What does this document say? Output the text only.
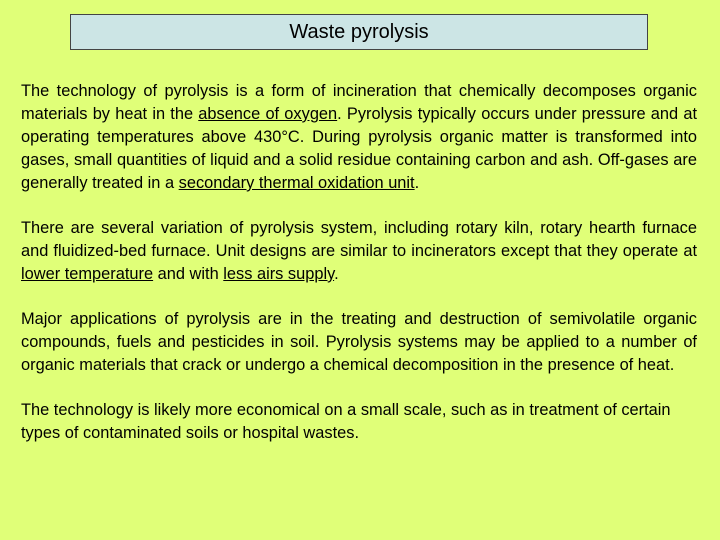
Waste pyrolysis

The technology of pyrolysis is a form of incineration that chemically decomposes organic materials by heat in the absence of oxygen. Pyrolysis typically occurs under pressure and at operating temperatures above 430°C. During pyrolysis organic matter is transformed into gases, small quantities of liquid and a solid residue containing carbon and ash. Off-gases are generally treated in a secondary thermal oxidation unit.

There are several variation of pyrolysis system, including rotary kiln, rotary hearth furnace and fluidized-bed furnace. Unit designs are similar to incinerators except that they operate at lower temperature and with less airs supply.

Major applications of pyrolysis are in the treating and destruction of semivolatile organic compounds, fuels and pesticides in soil. Pyrolysis systems may be applied to a number of organic materials that crack or undergo a chemical decomposition in the presence of heat.

The technology is likely more economical on a small scale, such as in treatment of certain types of contaminated soils or hospital wastes.
